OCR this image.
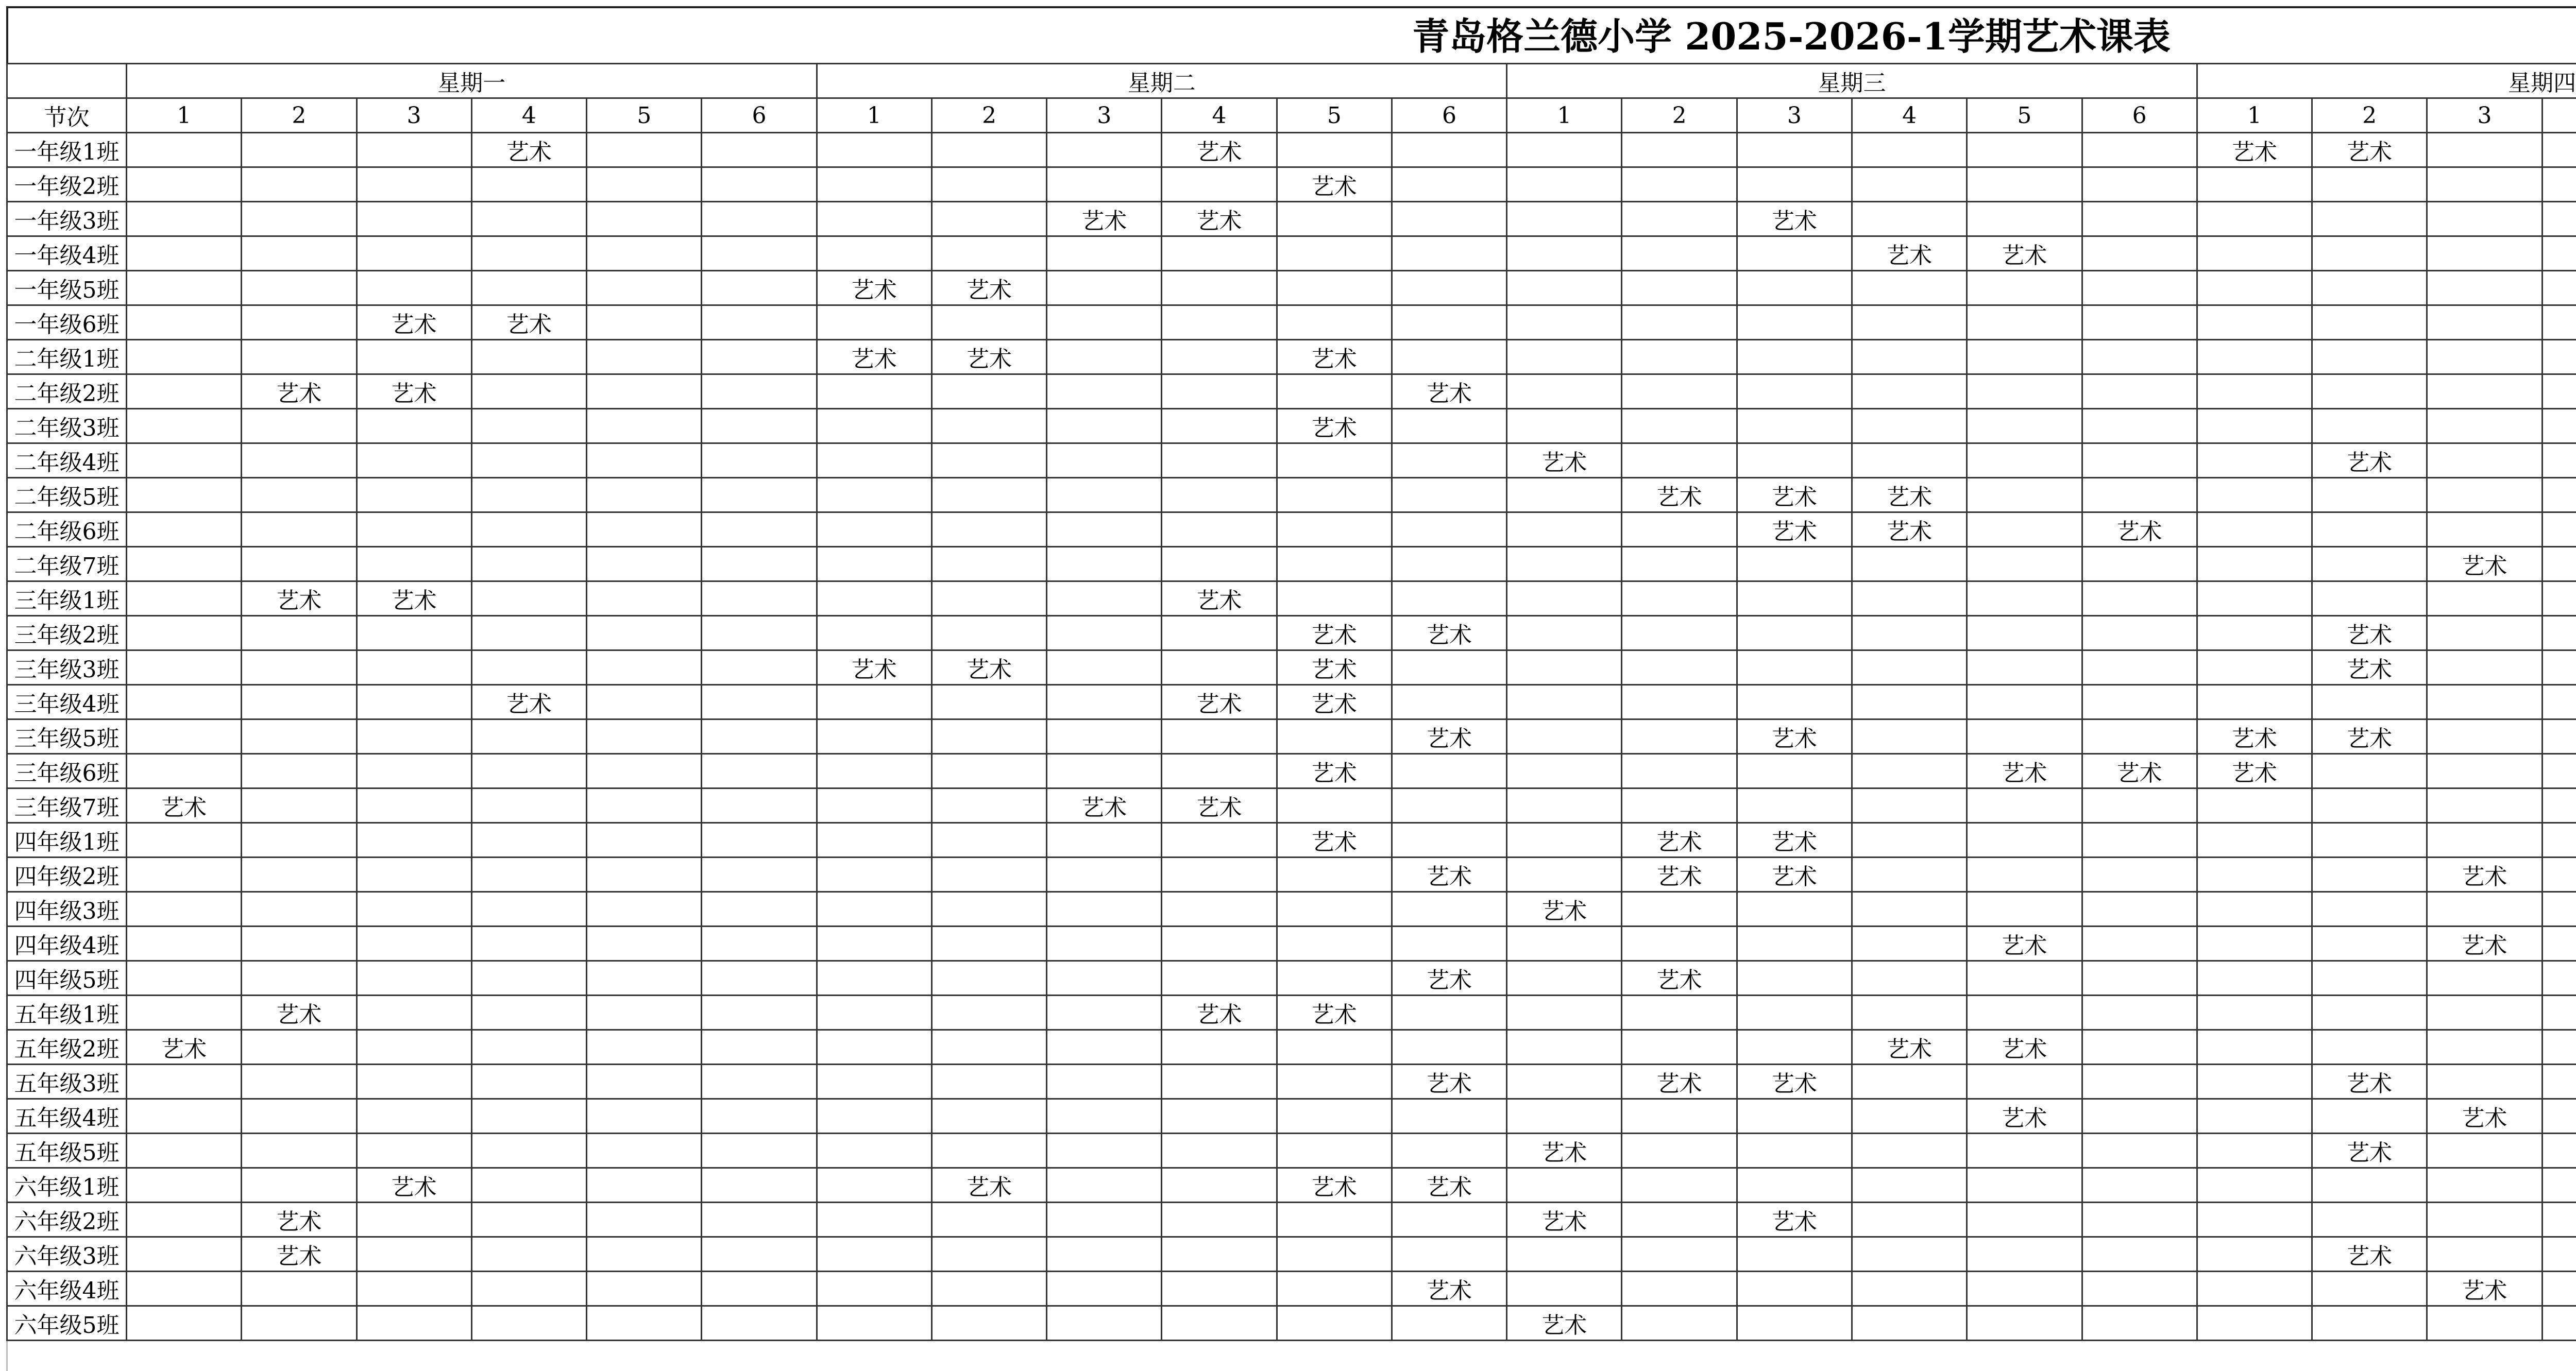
青岛格兰德小学 2025-2026-1学期艺术课表
	星期一						星期二						星期三						星期四	
节次	1	2	3	4	5	6	1	2	3	4	5	6	1	2	3	4	5	6	1	2	3									
一年级1班				艺术						艺术									艺术	艺术										
一年级2班											艺术																			
一年级3班									艺术	艺术					艺术															
一年级4班																艺术	艺术													
一年级5班							艺术	艺术																						
一年级6班			艺术	艺术																										
二年级1班							艺术	艺术			艺术																			
二年级2班		艺术	艺术									艺术																		
二年级3班											艺术																			
二年级4班													艺术							艺术										
二年级5班														艺术	艺术	艺术														
二年级6班															艺术	艺术		艺术												
二年级7班																					艺术									
三年级1班		艺术	艺术							艺术																				
三年级2班											艺术	艺术								艺术										
三年级3班							艺术	艺术			艺术									艺术										
三年级4班				艺术						艺术	艺术																			
三年级5班												艺术			艺术				艺术	艺术										
三年级6班											艺术						艺术	艺术	艺术											
三年级7班	艺术								艺术	艺术																				
四年级1班											艺术			艺术	艺术															
四年级2班												艺术		艺术	艺术						艺术									
四年级3班													艺术																	
四年级4班																	艺术				艺术									
四年级5班												艺术		艺术																
五年级1班		艺术								艺术	艺术																			
五年级2班	艺术															艺术	艺术													
五年级3班												艺术		艺术	艺术					艺术										
五年级4班																	艺术				艺术									
五年级5班													艺术							艺术										
六年级1班			艺术					艺术			艺术	艺术																		
六年级2班		艺术											艺术		艺术															
六年级3班		艺术																		艺术										
六年级4班												艺术									艺术									
六年级5班													艺术																	
